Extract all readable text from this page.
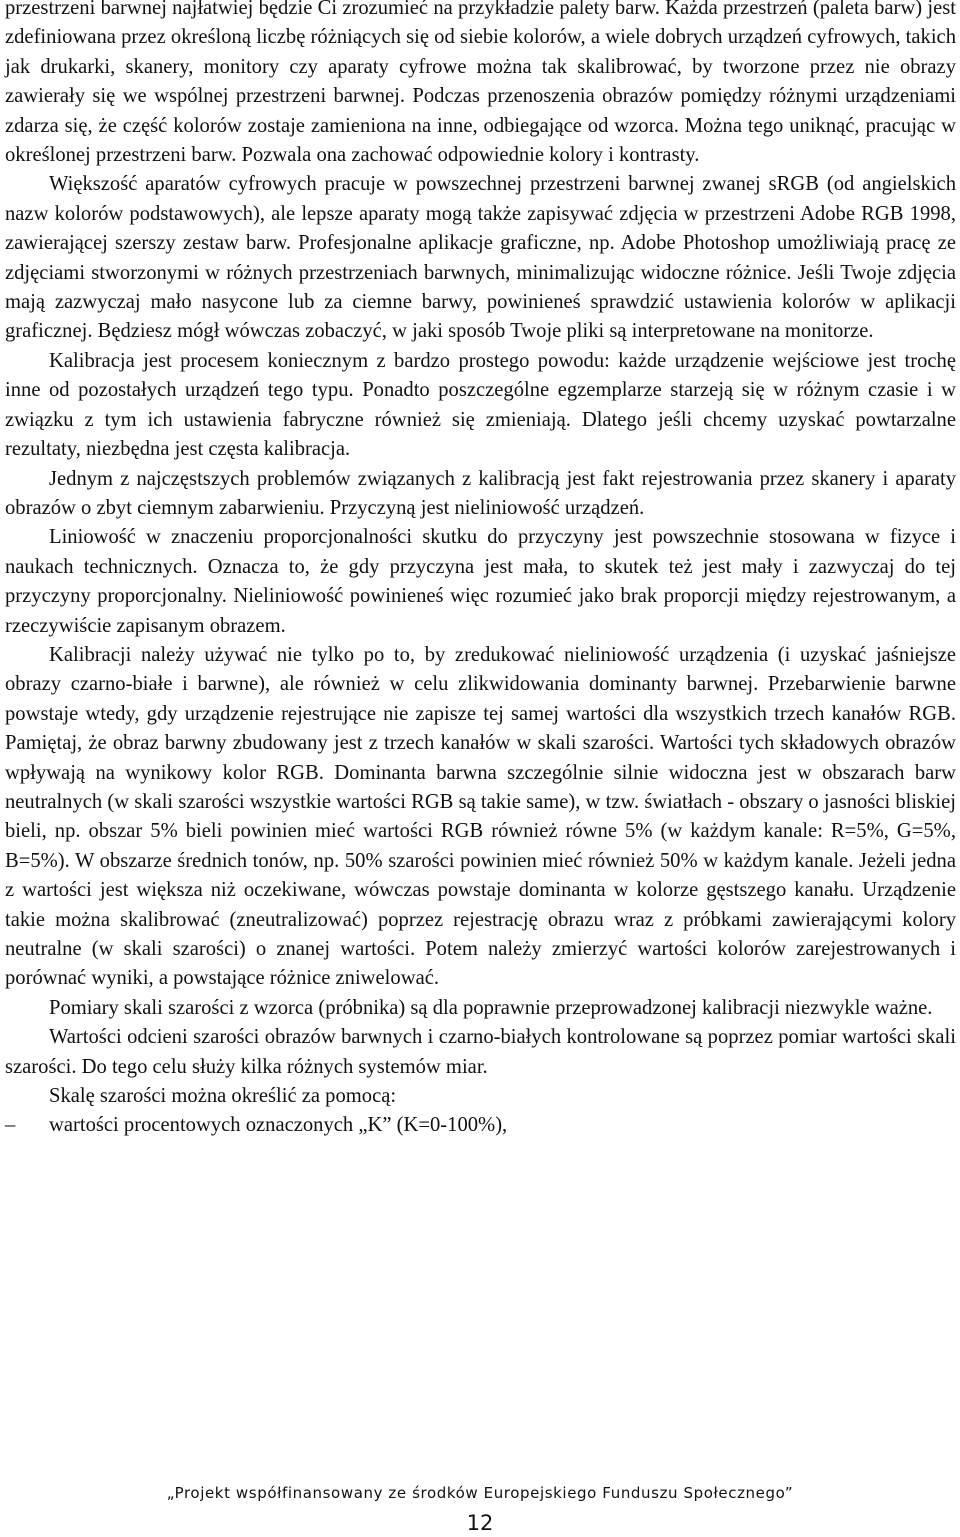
przestrzeni barwnej najłatwiej będzie Ci zrozumieć na przykładzie palety barw. Każda przestrzeń (paleta barw) jest zdefiniowana przez określoną liczbę różniących się od siebie kolorów, a wiele dobrych urządzeń cyfrowych, takich jak drukarki, skanery, monitory czy aparaty cyfrowe można tak skalibrować, by tworzone przez nie obrazy zawierały się we wspólnej przestrzeni barwnej. Podczas przenoszenia obrazów pomiędzy różnymi urządzeniami zdarza się, że część kolorów zostaje zamieniona na inne, odbiegające od wzorca. Można tego uniknąć, pracując w określonej przestrzeni barw. Pozwala ona zachować odpowiednie kolory i kontrasty.

Większość aparatów cyfrowych pracuje w powszechnej przestrzeni barwnej zwanej sRGB (od angielskich nazw kolorów podstawowych), ale lepsze aparaty mogą także zapisywać zdjęcia w przestrzeni Adobe RGB 1998, zawierającej szerszy zestaw barw. Profesjonalne aplikacje graficzne, np. Adobe Photoshop umożliwiają pracę ze zdjęciami stworzonymi w różnych przestrzeniach barwnych, minimalizując widoczne różnice. Jeśli Twoje zdjęcia mają zazwyczaj mało nasycone lub za ciemne barwy, powinieneś sprawdzić ustawienia kolorów w aplikacji graficznej. Będziesz mógł wówczas zobaczyć, w jaki sposób Twoje pliki są interpretowane na monitorze.

Kalibracja jest procesem koniecznym z bardzo prostego powodu: każde urządzenie wejściowe jest trochę inne od pozostałych urządzeń tego typu. Ponadto poszczególne egzemplarze starzeją się w różnym czasie i w związku z tym ich ustawienia fabryczne również się zmieniają. Dlatego jeśli chcemy uzyskać powtarzalne rezultaty, niezbędna jest częsta kalibracja.

Jednym z najczęstszych problemów związanych z kalibracją jest fakt rejestrowania przez skanery i aparaty obrazów o zbyt ciemnym zabarwieniu. Przyczyną jest nieliniowość urządzeń.

Liniowość w znaczeniu proporcjonalności skutku do przyczyny jest powszechnie stosowana w fizyce i naukach technicznych. Oznacza to, że gdy przyczyna jest mała, to skutek też jest mały i zazwyczaj do tej przyczyny proporcjonalny. Nieliniowość powinieneś więc rozumieć jako brak proporcji między rejestrowanym, a rzeczywiście zapisanym obrazem.

Kalibracji należy używać nie tylko po to, by zredukować nieliniowość urządzenia (i uzyskać jaśniejsze obrazy czarno-białe i barwne), ale również w celu zlikwidowania dominanty barwnej. Przebarwienie barwne powstaje wtedy, gdy urządzenie rejestrujące nie zapisze tej samej wartości dla wszystkich trzech kanałów RGB. Pamiętaj, że obraz barwny zbudowany jest z trzech kanałów w skali szarości. Wartości tych składowych obrazów wpływają na wynikowy kolor RGB. Dominanta barwna szczególnie silnie widoczna jest w obszarach barw neutralnych (w skali szarości wszystkie wartości RGB są takie same), w tzw. światłach - obszary o jasności bliskiej bieli, np. obszar 5% bieli powinien mieć wartości RGB również równe 5% (w każdym kanale: R=5%, G=5%, B=5%). W obszarze średnich tonów, np. 50% szarości powinien mieć również 50% w każdym kanale. Jeżeli jedna z wartości jest większa niż oczekiwane, wówczas powstaje dominanta w kolorze gęstszego kanału. Urządzenie takie można skalibrować (zneutralizować) poprzez rejestrację obrazu wraz z próbkami zawierającymi kolory neutralne (w skali szarości) o znanej wartości. Potem należy zmierzyć wartości kolorów zarejestrowanych i porównać wyniki, a powstające różnice zniwelować.

Pomiary skali szarości z wzorca (próbnika) są dla poprawnie przeprowadzonej kalibracji niezwykle ważne.

Wartości odcieni szarości obrazów barwnych i czarno-białych kontrolowane są poprzez pomiar wartości skali szarości. Do tego celu służy kilka różnych systemów miar.

Skalę szarości można określić za pomocą:

– wartości procentowych oznaczonych „K” (K=0-100%),
„Projekt współfinansowany ze środków Europejskiego Funduszu Społecznego”
12
